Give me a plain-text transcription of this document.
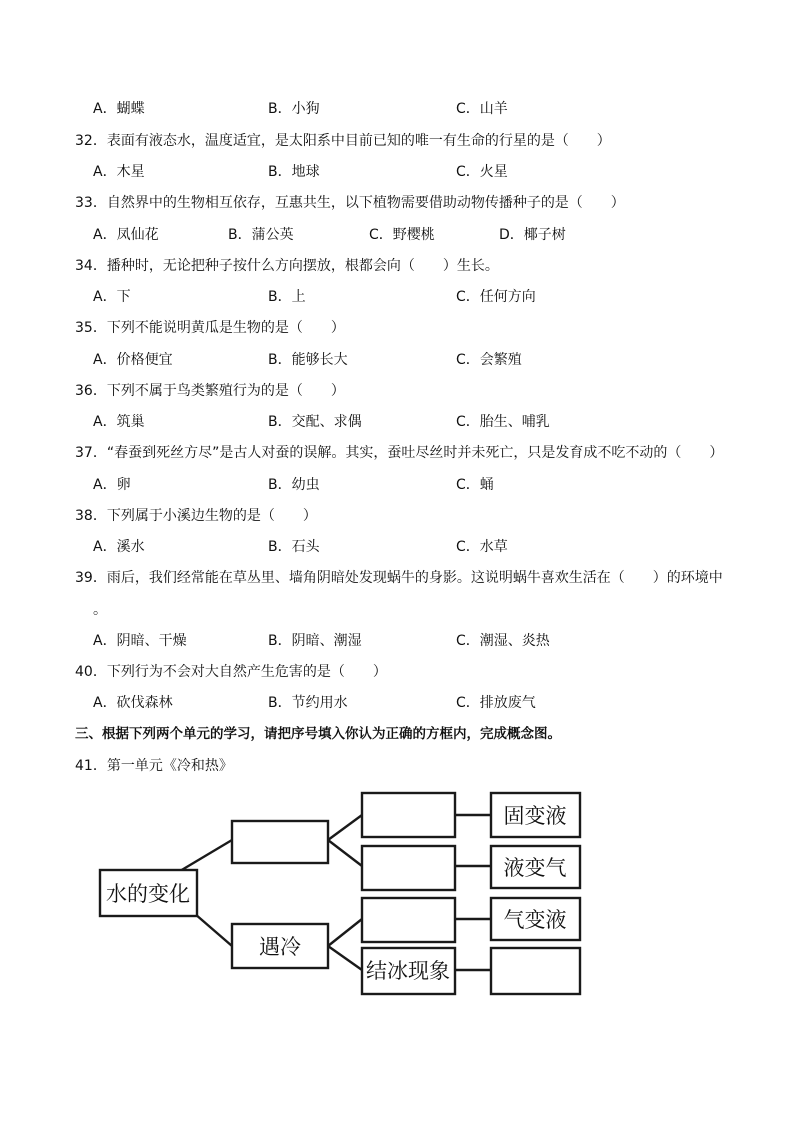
A．蝴蝶	B．小狗	C．山羊
32．表面有液态水，温度适宜，是太阳系中目前已知的唯一有生命的行星的是（　　）
A．木星	B．地球	C．火星
33．自然界中的生物相互依存，互惠共生，以下植物需要借助动物传播种子的是（　　）
A．凤仙花	B．蒲公英	C．野樱桃	D．椰子树
34．播种时，无论把种子按什么方向摆放，根都会向（　　）生长。
A．下	B．上	C．任何方向
35．下列不能说明黄瓜是生物的是（　　）
A．价格便宜	B．能够长大	C．会繁殖
36．下列不属于鸟类繁殖行为的是（　　）
A．筑巢	B．交配、求偶	C．胎生、哺乳
37．“春蚕到死丝方尽”是古人对蚕的误解。其实，蚕吐尽丝时并未死亡，只是发育成不吃不动的（　　）
A．卵	B．幼虫	C．蛹
38．下列属于小溪边生物的是（　　）
A．溪水	B．石头	C．水草
39．雨后，我们经常能在草丛里、墙角阴暗处发现蜗牛的身影。这说明蜗牛喜欢生活在（　　）的环境中
。
A．阴暗、干燥	B．阴暗、潮湿	C．潮湿、炎热
40．下列行为不会对大自然产生危害的是（　　）
A．砍伐森林	B．节约用水	C．排放废气
三、根据下列两个单元的学习，请把序号填入你认为正确的方框内，完成概念图。
41．第一单元《冷和热》
水的变化
遇冷
结冰现象
固变液
液变气
气变液
